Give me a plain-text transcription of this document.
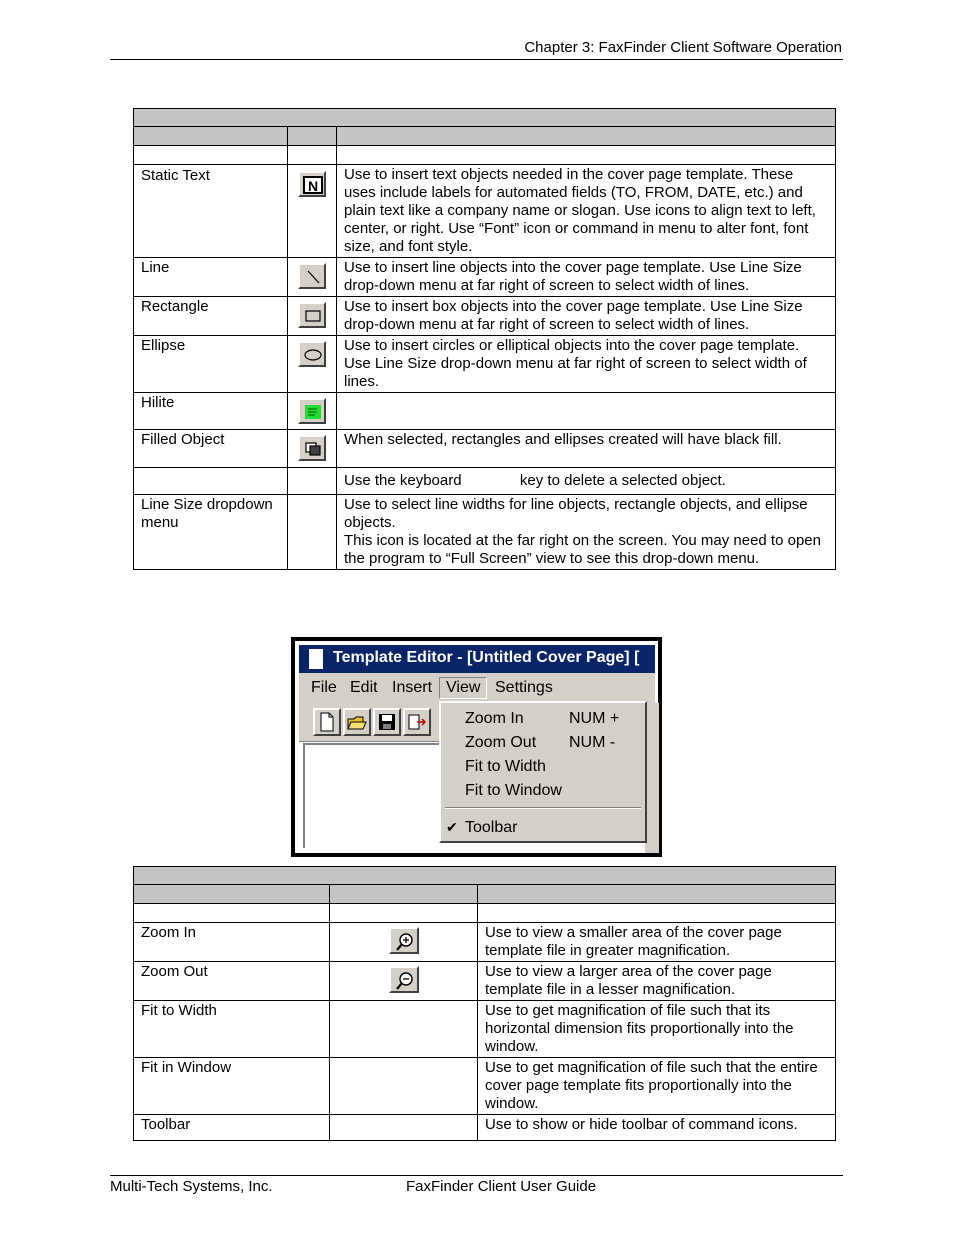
Chapter 3: FaxFinder Client Software Operation

Static Text	N	Use to insert text objects needed in the cover page template. These uses include labels for automated fields (TO, FROM, DATE, etc.) and plain text like a company name or slogan. Use icons to align text to left, center, or right. Use “Font” icon or command in menu to alter font, font size, and font style.
Line		Use to insert line objects into the cover page template. Use Line Size drop-down menu at far right of screen to select width of lines.
Rectangle		Use to insert box objects into the cover page template. Use Line Size drop-down menu at far right of screen to select width of lines.
Ellipse		Use to insert circles or elliptical objects into the cover page template. Use Line Size drop-down menu at far right of screen to select width of lines.
Hilite	

Filled Object		When selected, rectangles and ellipses created will have black fill.
		Use the keyboard              key to delete a selected object.
Line Size dropdown menu		Use to select line widths for line objects, rectangle objects, and ellipse objects.
This icon is located at the far right on the screen. You may need to open the program to “Full Screen” view to see this drop-down menu.
Template Editor - [Untitled Cover Page] [
File Edit Insert View Settings
Zoom In	NUM +
Zoom Out NUM -
Fit to Width
Fit to Window
✔ Toolbar

Zoom In		Use to view a smaller area of the cover page template file in greater magnification.
Zoom Out		Use to view a larger area of the cover page template file in a lesser magnification.
Fit to Width		Use to get magnification of file such that its horizontal dimension fits proportionally into the window.
Fit in Window		Use to get magnification of file such that the entire cover page template fits proportionally into the window.
Toolbar		Use to show or hide toolbar of command icons.
Multi-Tech Systems, Inc.	FaxFinder Client User Guide
